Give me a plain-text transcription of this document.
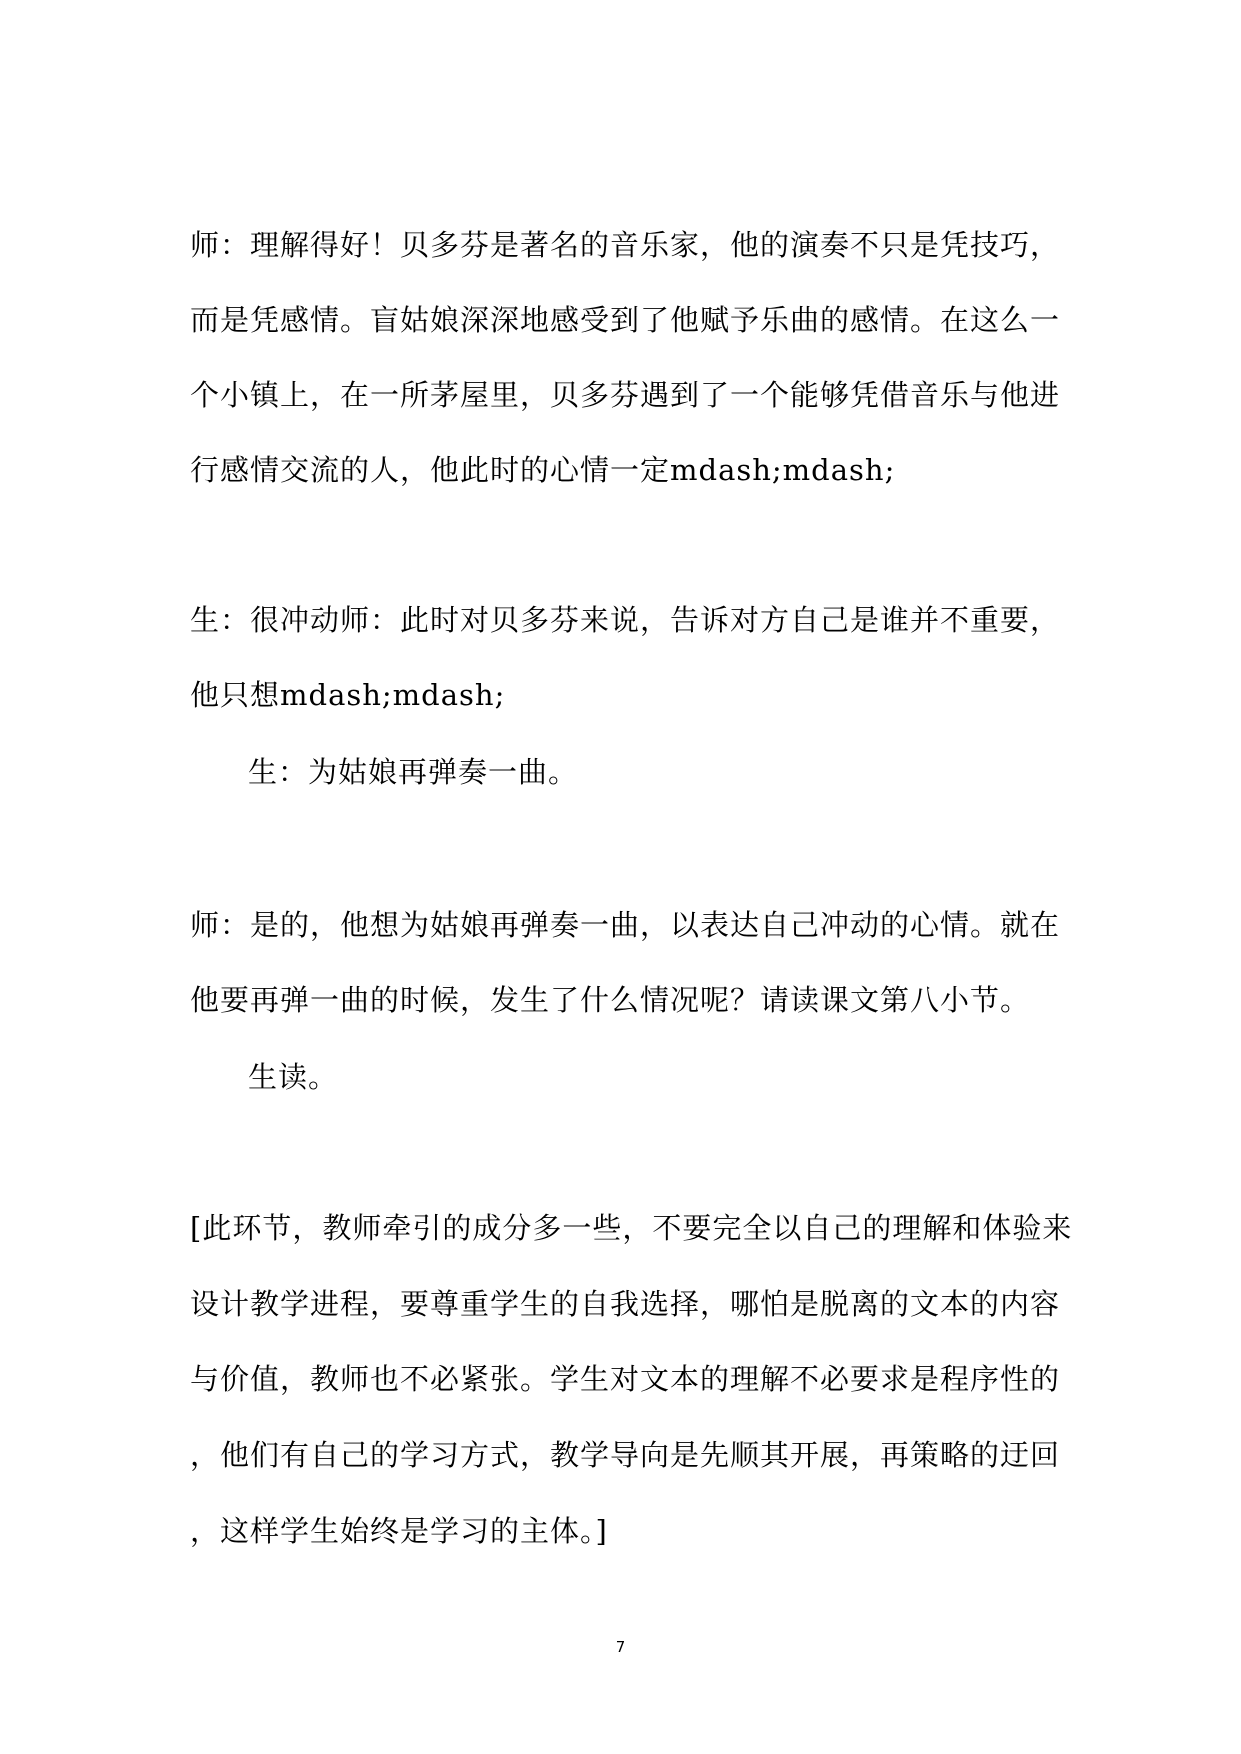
师：理解得好！贝多芬是著名的音乐家，他的演奏不只是凭技巧，
而是凭感情。盲姑娘深深地感受到了他赋予乐曲的感情。在这么一
个小镇上，在一所茅屋里，贝多芬遇到了一个能够凭借音乐与他进
行感情交流的人，他此时的心情一定mdash;mdash;
生：很冲动师：此时对贝多芬来说，告诉对方自己是谁并不重要，
他只想mdash;mdash;
生：为姑娘再弹奏一曲。
师：是的，他想为姑娘再弹奏一曲，以表达自己冲动的心情。就在
他要再弹一曲的时候，发生了什么情况呢？请读课文第八小节。
生读。
[此环节，教师牵引的成分多一些，不要完全以自己的理解和体验来
设计教学进程，要尊重学生的自我选择，哪怕是脱离的文本的内容
与价值，教师也不必紧张。学生对文本的理解不必要求是程序性的
，他们有自己的学习方式，教学导向是先顺其开展，再策略的迂回
，这样学生始终是学习的主体。]
7
